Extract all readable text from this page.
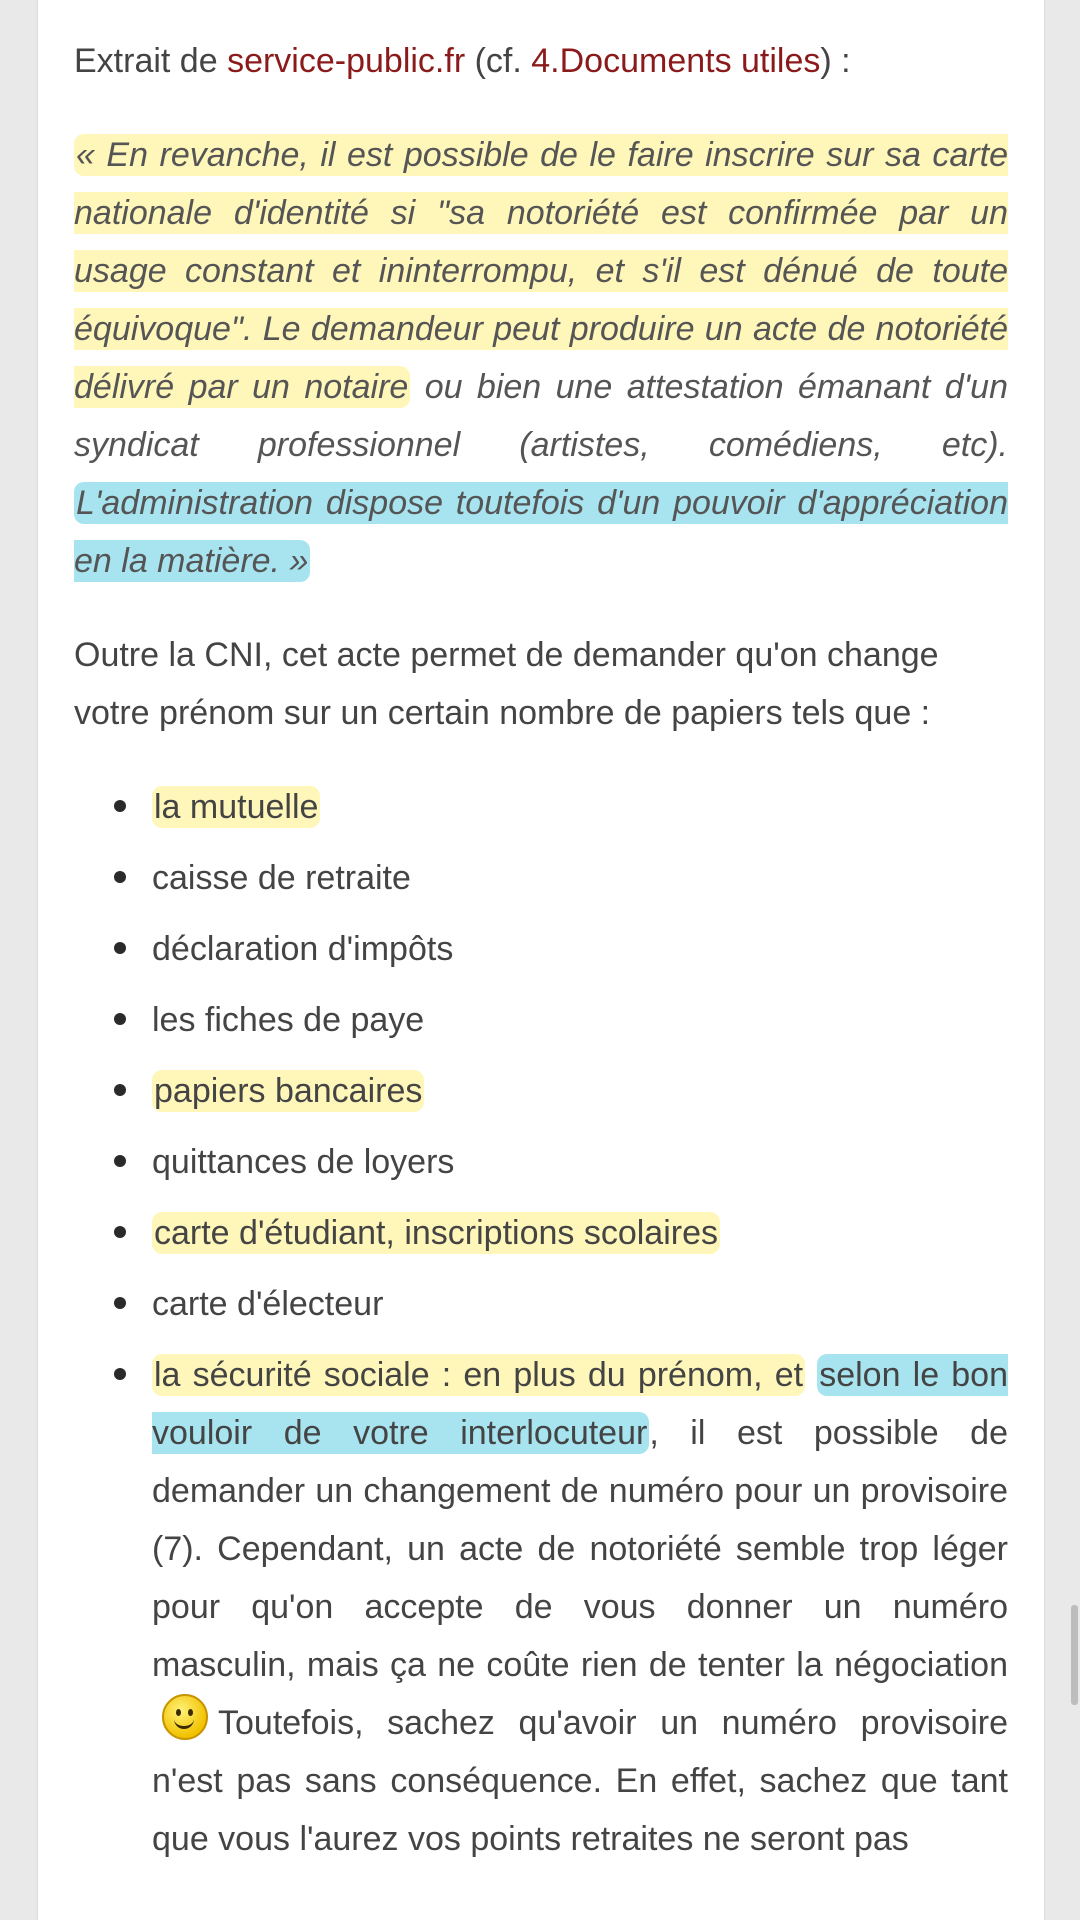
Extrait de service-public.fr (cf. 4.Documents utiles) :

« En revanche, il est possible de le faire inscrire sur sa carte nationale d'identité si "sa notoriété est confirmée par un usage constant et ininterrompu, et s'il est dénué de toute équivoque". Le demandeur peut produire un acte de notoriété délivré par un notaire ou bien une attestation émanant d'un syndicat professionnel (artistes, comédiens, etc). L'administration dispose toutefois d'un pouvoir d'appréciation en la matière. »

Outre la CNI, cet acte permet de demander qu'on change votre prénom sur un certain nombre de papiers tels que :

la mutuelle
caisse de retraite
déclaration d'impôts
les fiches de paye
papiers bancaires
quittances de loyers
carte d'étudiant, inscriptions scolaires
carte d'électeur
la sécurité sociale : en plus du prénom, et selon le bon vouloir de votre interlocuteur, il est possible de demander un changement de numéro pour un provisoire (7). Cependant, un acte de notoriété semble trop léger pour qu'on accepte de vous donner un numéro masculin, mais ça ne coûte rien de tenter la négociation
Toutefois, sachez qu'avoir un numéro provisoire n'est pas sans conséquence. En effet, sachez que tant que vous l'aurez vos points retraites ne seront pas
